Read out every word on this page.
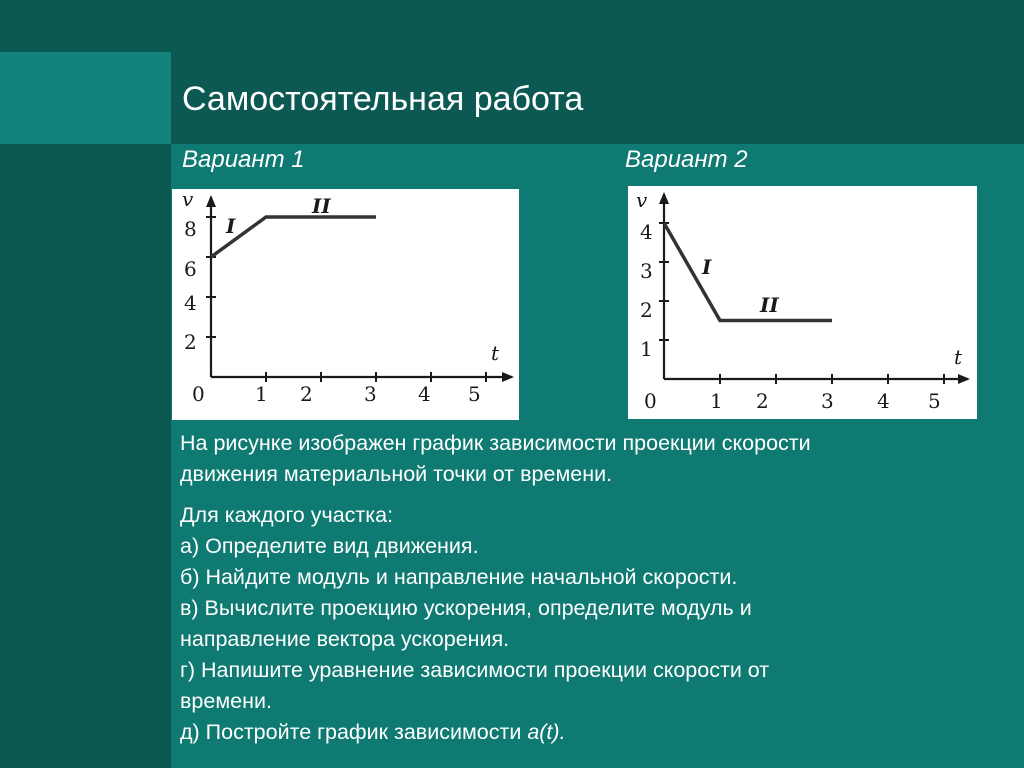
Самостоятельная работа
Вариант 1	Вариант 2
v
t
0
I
II
2
4
6
8
1 2	3 4 5
v
t
0
I
II
1
2
3
4
1 2	3 4 5
На рисунке изображен график зависимости проекции скорости
движения материальной точки от времени.
Для каждого участка:
а) Определите вид движения.
б) Найдите модуль и направление начальной скорости.
в) Вычислите проекцию ускорения, определите модуль и
направление вектора ускорения.
г) Напишите уравнение зависимости проекции скорости от
времени.
д) Постройте график зависимости a(t).
